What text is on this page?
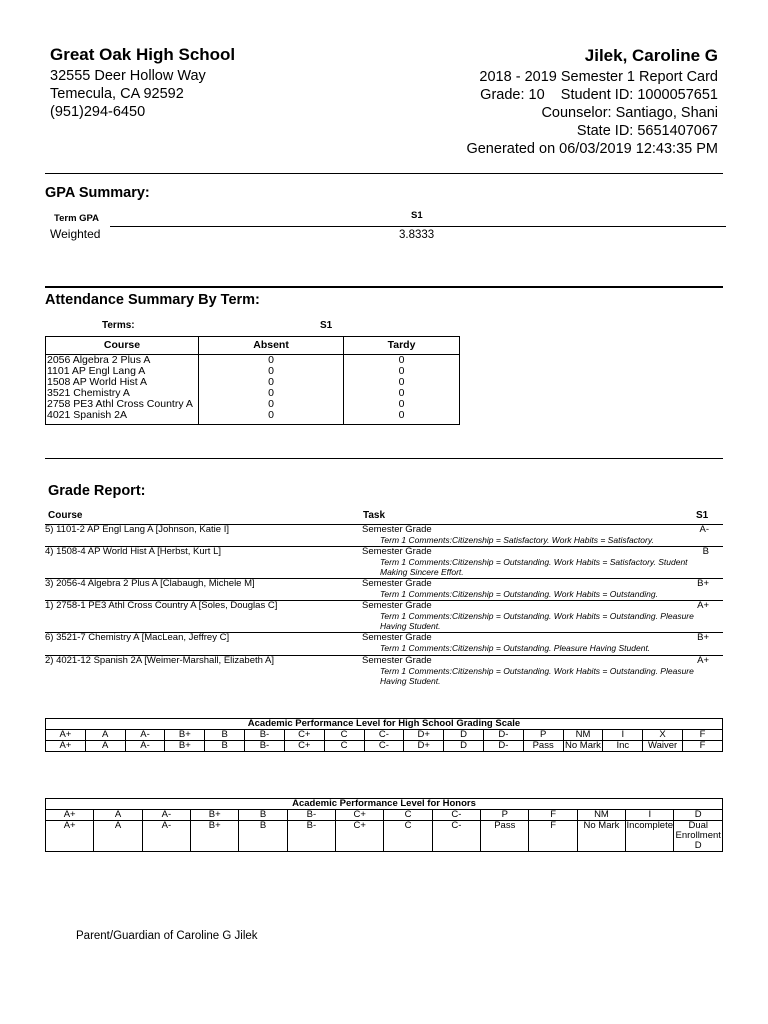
Great Oak High School
32555 Deer Hollow Way
Temecula, CA 92592
(951)294-6450
Jilek, Caroline G
2018 - 2019 Semester 1 Report Card
Grade: 10    Student ID: 1000057651
Counselor: Santiago, Shani
State ID: 5651407067
Generated on 06/03/2019 12:43:35 PM
GPA Summary:
Term GPA	S1
Weighted	3.8333
Attendance Summary By Term:
Terms:	S1
Course	Absent	Tardy
2056 Algebra 2 Plus A	0	0
1101 AP Engl Lang A	0	0
1508 AP World Hist A	0	0
3521 Chemistry A	0	0
2758 PE3 Athl Cross Country A	0	0
4021 Spanish 2A	0	0
Grade Report:
Course	Task	S1
5) 1101-2 AP Engl Lang A [Johnson, Katie I]	Semester Grade	A-
Term 1 Comments:Citizenship = Satisfactory. Work Habits = Satisfactory.
4) 1508-4 AP World Hist A [Herbst, Kurt L]	Semester Grade	B
Term 1 Comments:Citizenship = Outstanding. Work Habits = Satisfactory. Student Making Sincere Effort.
3) 2056-4 Algebra 2 Plus A [Clabaugh, Michele M]	Semester Grade	B+
Term 1 Comments:Citizenship = Outstanding. Work Habits = Outstanding.
1) 2758-1 PE3 Athl Cross Country A [Soles, Douglas C]	Semester Grade	A+
Term 1 Comments:Citizenship = Outstanding. Work Habits = Outstanding. Pleasure Having Student.
6) 3521-7 Chemistry A [MacLean, Jeffrey C]	Semester Grade	B+
Term 1 Comments:Citizenship = Outstanding. Pleasure Having Student.
2) 4021-12 Spanish 2A [Weimer-Marshall, Elizabeth A]	Semester Grade	A+
Term 1 Comments:Citizenship = Outstanding. Work Habits = Outstanding. Pleasure Having Student.
Academic Performance Level for High School Grading Scale																
A+	A	A-	B+	B	B-	C+	C	C-	D+	D	D-	P	NM	I	X	F
A+	A	A-	B+	B	B-	C+	C	C-	D+	D	D-	Pass	No Mark	Inc	Waiver	F
Academic Performance Level for Honors													
A+	A	A-	B+	B	B-	C+	C	C-	P	F	NM	I	D
A+	A	A-	B+	B	B-	C+	C	C-	Pass	F	No Mark	Incomplete	Dual Enrollment D
Parent/Guardian of Caroline G Jilek
